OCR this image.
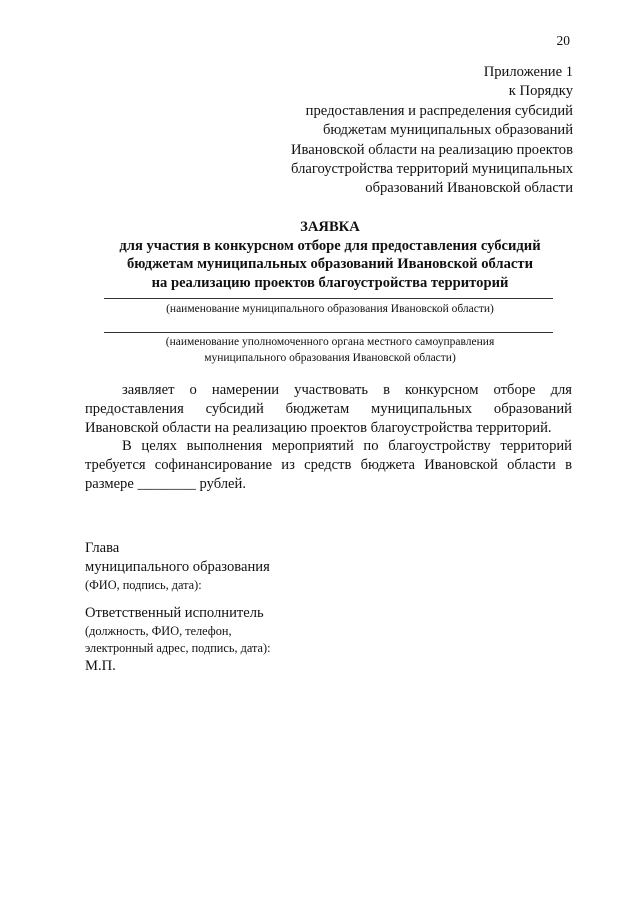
20
Приложение 1
к Порядку
предоставления и распределения субсидий
бюджетам муниципальных образований
Ивановской области на реализацию проектов
благоустройства территорий муниципальных
образований Ивановской области
ЗАЯВКА
для участия в конкурсном отборе для предоставления субсидий
бюджетам муниципальных образований Ивановской области
на реализацию проектов благоустройства территорий
(наименование муниципального образования Ивановской области)
(наименование уполномоченного органа местного самоуправления
муниципального образования Ивановской области)
заявляет о намерении участвовать в конкурсном отборе для
предоставления субсидий бюджетам муниципальных образований
Ивановской области на реализацию проектов благоустройства территорий.
В целях выполнения мероприятий по благоустройству территорий
требуется софинансирование из средств бюджета Ивановской области в
размере ________ рублей.
Глава
муниципального образования
(ФИО, подпись, дата):
Ответственный исполнитель
(должность, ФИО, телефон,
электронный адрес, подпись, дата):
М.П.
